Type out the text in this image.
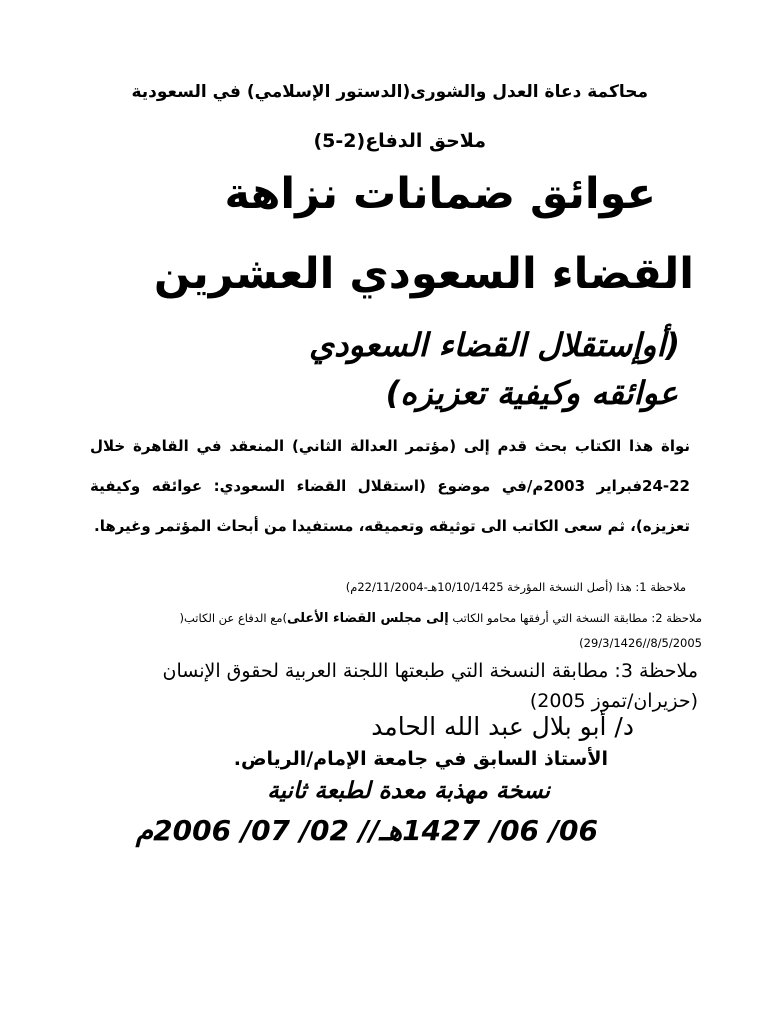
محاكمة دعاة العدل والشورى(الدستور الإسلامي) في السعودية
ملاحق الدفاع(2-5)
عوائق ضمانات نزاهة
القضاء السعودي العشرين
(أوإستقلال القضاء السعودي
عوائقه وكيفية تعزيزه)
نواة هذا الكتاب بحث قدم إلى (مؤتمر العدالة الثاني) المنعقد في القاهرة خلال 22-24فبراير 2003م/في موضوع (استقلال القضاء السعودي: عوائقه وكيفية تعزيزه)، ثم سعى الكاتب الى توثيقه وتعميقه، مستفيدا من أبحاث المؤتمر وغيرها.
ملاحظة 1: هذا (أصل النسخة المؤرخة 10/10/1425هـ-22/11/2004م)
ملاحظة 2: مطابقة النسخة التي أرفقها محامو الكاتب إلى مجلس القضاء الأعلى)مع الدفاع عن الكاتب( 8/5/2005//29/3/1426)
ملاحظة 3: مطابقة النسخة التي طبعتها اللجنة العربية لحقوق الإنسان (حزيران/تموز 2005)
د/ أبو بلال عبد الله الحامد
الأستاذ السابق في جامعة الإمام/الرياض.
نسخة مهذبة معدة لطبعة ثانية
06/ 06/ 1427هـ// 02/ 07/ 2006م
